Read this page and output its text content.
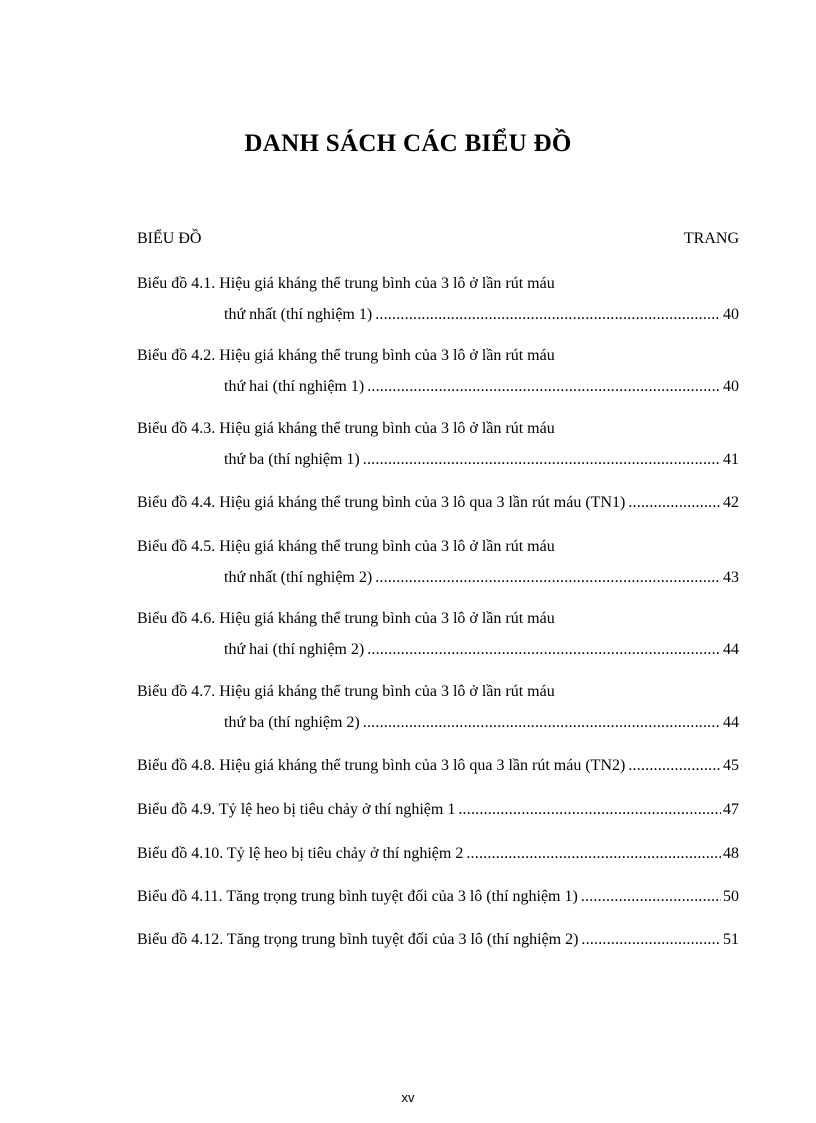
DANH SÁCH CÁC BIỂU ĐỒ
BIỂU ĐỒ	TRANG
Biểu đồ 4.1. Hiệu giá kháng thể trung bình của 3 lô ở lần rút máu
thứ nhất (thí nghiệm 1) .....	40
Biểu đồ 4.2. Hiệu giá kháng thể trung bình của 3 lô ở lần rút máu
thứ hai (thí nghiệm 1) .....	40
Biểu đồ 4.3. Hiệu giá kháng thể trung bình của 3 lô ở lần rút máu
thứ ba (thí nghiệm 1) .....	41
Biểu đồ 4.4. Hiệu giá kháng thể trung bình của 3 lô qua 3 lần rút máu (TN1) .....	42
Biểu đồ 4.5. Hiệu giá kháng thể trung bình của 3 lô ở lần rút máu
thứ nhất (thí nghiệm 2) .....	43
Biểu đồ 4.6. Hiệu giá kháng thể trung bình của 3 lô ở lần rút máu
thứ hai (thí nghiệm 2) .....	44
Biểu đồ 4.7. Hiệu giá kháng thể trung bình của 3 lô ở lần rút máu
thứ ba (thí nghiệm 2) .....	44
Biểu đồ 4.8. Hiệu giá kháng thể trung bình của 3 lô qua 3 lần rút máu (TN2) .....	45
Biểu đồ 4.9. Tỷ lệ heo bị tiêu chảy ở thí nghiệm 1 .....	47
Biểu đồ 4.10. Tỷ lệ heo bị tiêu chảy ở thí nghiệm 2 .....	48
Biểu đồ 4.11. Tăng trọng trung bình tuyệt đối của 3 lô (thí nghiệm 1) .....	50
Biểu đồ 4.12. Tăng trọng trung bình tuyệt đối của 3 lô (thí nghiệm 2) .....	51
xv
